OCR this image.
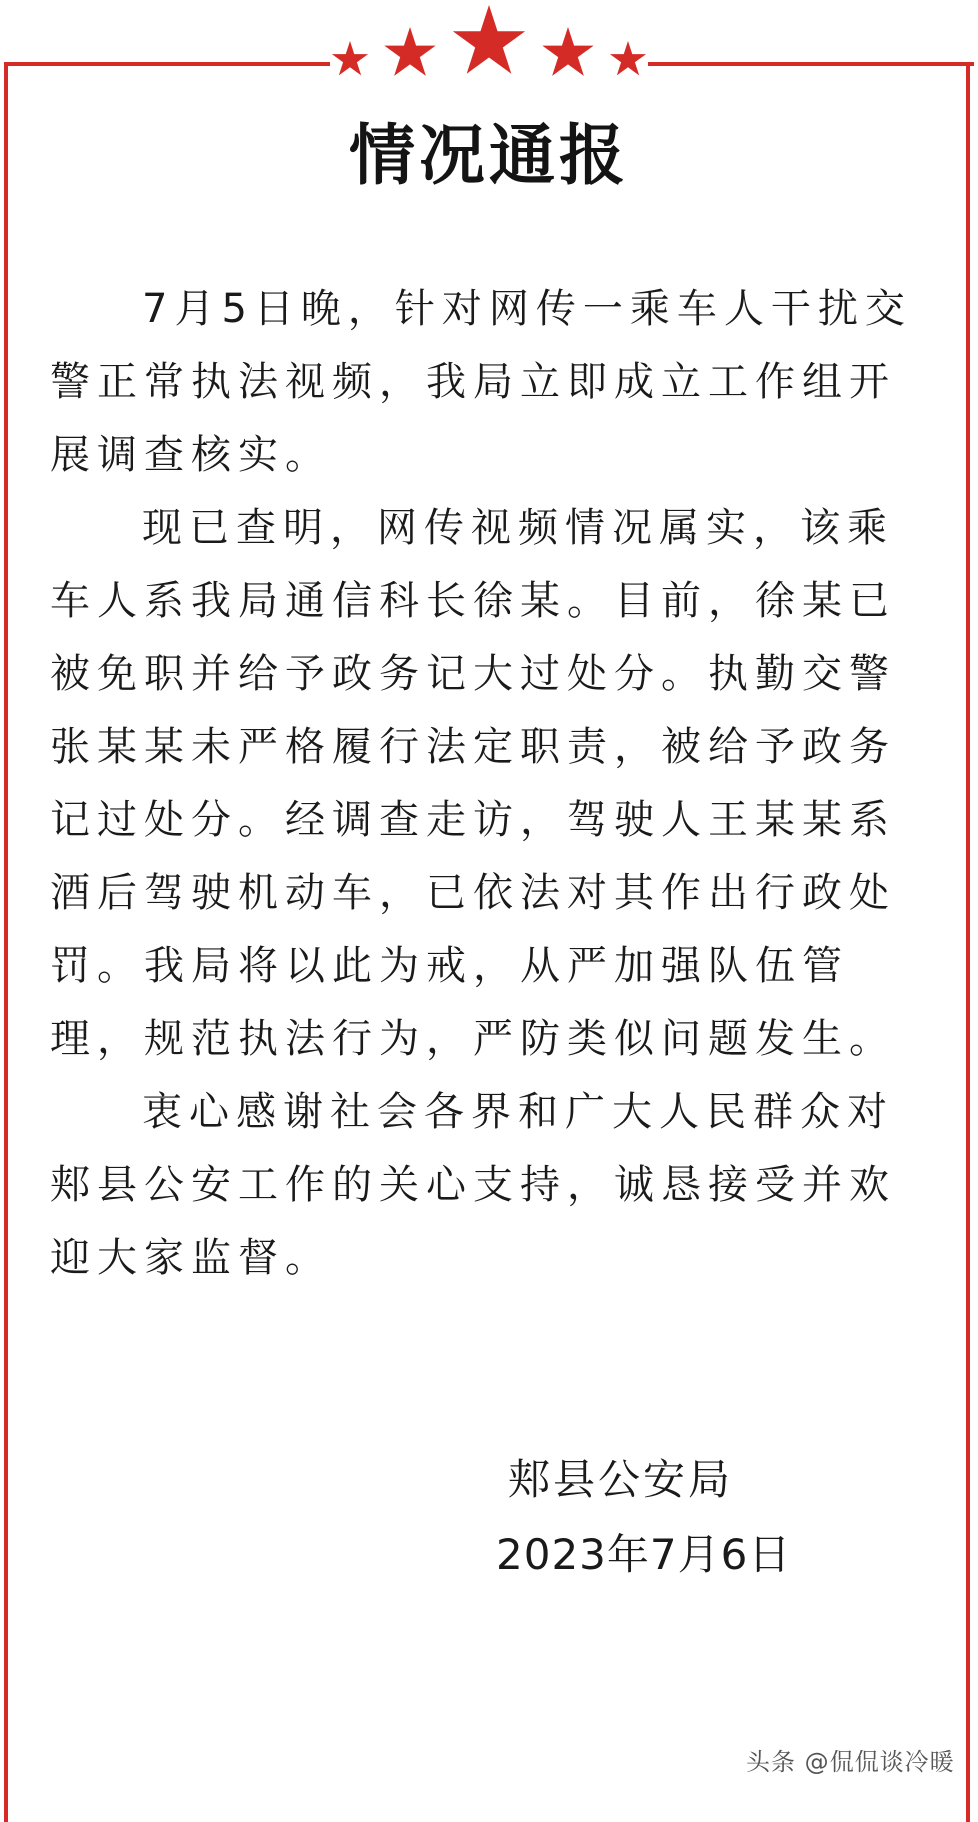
情况通报

7月5日晚，针对网传一乘车人干扰交警正常执法视频，我局立即成立工作组开展调查核实。

现已查明，网传视频情况属实，该乘车人系我局通信科长徐某。目前，徐某已被免职并给予政务记大过处分。执勤交警张某某未严格履行法定职责，被给予政务记过处分。经调查走访，驾驶人王某某系酒后驾驶机动车，已依法对其作出行政处罚。我局将以此为戒，从严加强队伍管理，规范执法行为，严防类似问题发生。

衷心感谢社会各界和广大人民群众对郏县公安工作的关心支持，诚恳接受并欢迎大家监督。

郏县公安局
2023年7月6日
头条 @侃侃谈冷暖
